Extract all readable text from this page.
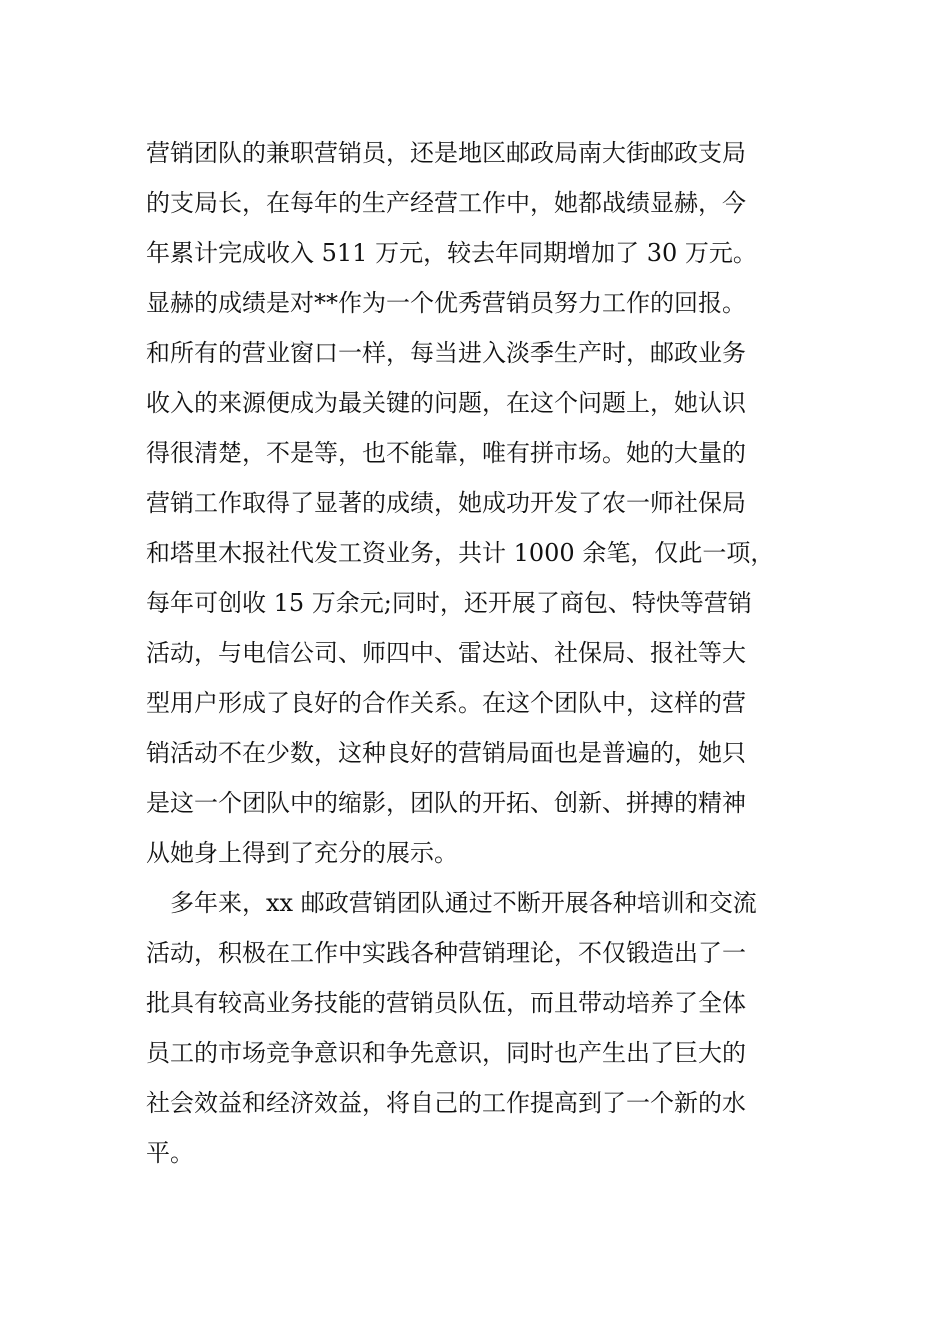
营销团队的兼职营销员，还是地区邮政局南大街邮政支局
的支局长，在每年的生产经营工作中，她都战绩显赫，今
年累计完成收入 511 万元，较去年同期增加了 30 万元。
显赫的成绩是对**作为一个优秀营销员努力工作的回报。
和所有的营业窗口一样，每当进入淡季生产时，邮政业务
收入的来源便成为最关键的问题，在这个问题上，她认识
得很清楚，不是等，也不能靠，唯有拼市场。她的大量的
营销工作取得了显著的成绩，她成功开发了农一师社保局
和塔里木报社代发工资业务，共计 1000 余笔，仅此一项，
每年可创收 15 万余元;同时，还开展了商包、特快等营销
活动，与电信公司、师四中、雷达站、社保局、报社等大
型用户形成了良好的合作关系。在这个团队中，这样的营
销活动不在少数，这种良好的营销局面也是普遍的，她只
是这一个团队中的缩影，团队的开拓、创新、拼搏的精神
从她身上得到了充分的展示。
　多年来，xx 邮政营销团队通过不断开展各种培训和交流
活动，积极在工作中实践各种营销理论，不仅锻造出了一
批具有较高业务技能的营销员队伍，而且带动培养了全体
员工的市场竞争意识和争先意识，同时也产生出了巨大的
社会效益和经济效益，将自己的工作提高到了一个新的水
平。
